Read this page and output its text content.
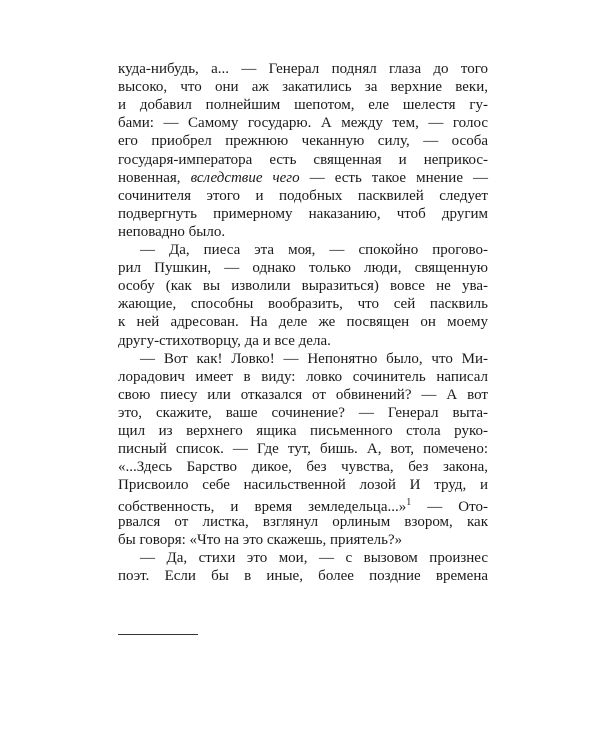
куда-нибудь, а... — Генерал поднял глаза до того
высоко, что они аж закатились за верхние веки,
и добавил полнейшим шепотом, еле шелестя гу-
бами: — Самому государю. А между тем, — голос
его приобрел прежнюю чеканную силу, — особа
государя-императора есть священная и неприкос-
новенная, вследствие чего — есть такое мнение —
сочинителя этого и подобных пасквилей следует
подвергнуть примерному наказанию, чтоб другим
неповадно было.
— Да, пиеса эта моя, — спокойно прогово-
рил Пушкин, — однако только люди, священную
особу (как вы изволили выразиться) вовсе не ува-
жающие, способны вообразить, что сей пасквиль
к ней адресован. На деле же посвящен он моему
другу-стихотворцу, да и все дела.
— Вот как! Ловко! — Непонятно было, что Ми-
лорадович имеет в виду: ловко сочинитель написал
свою пиесу или отказался от обвинений? — А вот
это, скажите, ваше сочинение? — Генерал выта-
щил из верхнего ящика письменного стола руко-
писный список. — Где тут, бишь. А, вот, помечено:
«...Здесь Барство дикое, без чувства, без закона,
Присвоило себе насильственной лозой И труд, и
собственность, и время земледельца...»$^1$ — Ото-
рвался от листка, взглянул орлиным взором, как
бы говоря: «Что на это скажешь, приятель?»
— Да, стихи это мои, — с вызовом произнес
поэт. Если бы в иные, более поздние времена
